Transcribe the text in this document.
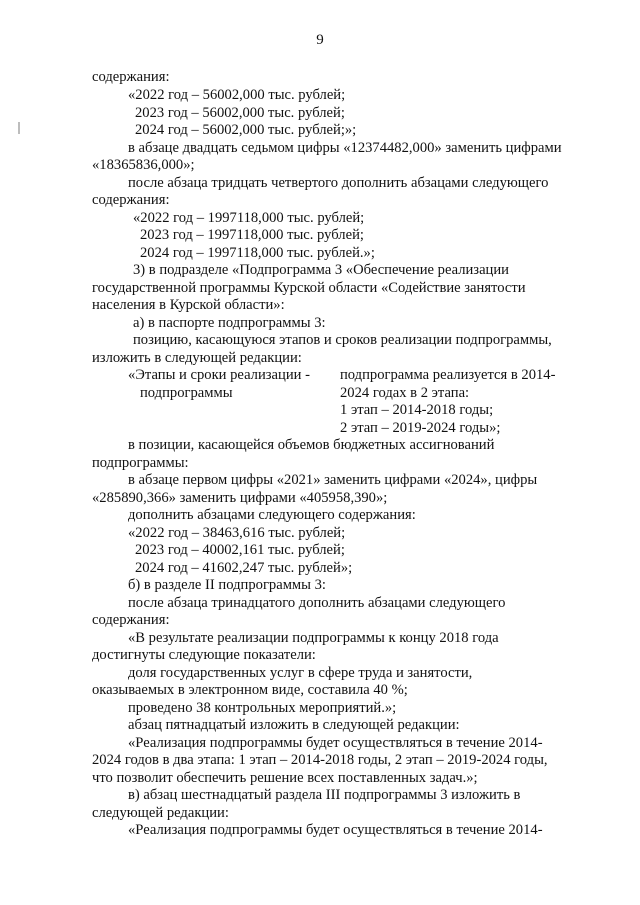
9
содержания:
«2022 год – 56002,000 тыс. рублей;
2023 год – 56002,000 тыс. рублей;
2024 год – 56002,000 тыс. рублей;»;
в абзаце двадцать седьмом цифры «12374482,000» заменить цифрами
«18365836,000»;
после абзаца тридцать четвертого дополнить абзацами следующего
содержания:
«2022 год – 1997118,000 тыс. рублей;
2023 год – 1997118,000 тыс. рублей;
2024 год – 1997118,000 тыс. рублей.»;
3) в подразделе «Подпрограмма 3 «Обеспечение реализации
государственной программы Курской области «Содействие занятости
населения в Курской области»:
а) в паспорте подпрограммы 3:
позицию, касающуюся этапов и сроков реализации подпрограммы,
изложить в следующей редакции:
«Этапы и сроки реализации - подпрограмма реализуется в 2014-
подпрограммы	2024 годах в 2 этапа:
1 этап – 2014-2018 годы;
2 этап – 2019-2024 годы»;
в позиции, касающейся объемов бюджетных ассигнований
подпрограммы:
в абзаце первом цифры «2021» заменить цифрами «2024», цифры
«285890,366» заменить цифрами «405958,390»;
дополнить абзацами следующего содержания:
«2022 год – 38463,616 тыс. рублей;
2023 год – 40002,161 тыс. рублей;
2024 год – 41602,247 тыс. рублей»;
б) в разделе II подпрограммы 3:
после абзаца тринадцатого дополнить абзацами следующего
содержания:
«В результате реализации подпрограммы к концу 2018 года
достигнуты следующие показатели:
доля государственных услуг в сфере труда и занятости,
оказываемых в электронном виде, составила 40 %;
проведено 38 контрольных мероприятий.»;
абзац пятнадцатый изложить в следующей редакции:
«Реализация подпрограммы будет осуществляться в течение 2014-
2024 годов в два этапа: 1 этап – 2014-2018 годы, 2 этап – 2019-2024 годы,
что позволит обеспечить решение всех поставленных задач.»;
в) абзац шестнадцатый раздела III подпрограммы 3 изложить в
следующей редакции:
«Реализация подпрограммы будет осуществляться в течение 2014-
